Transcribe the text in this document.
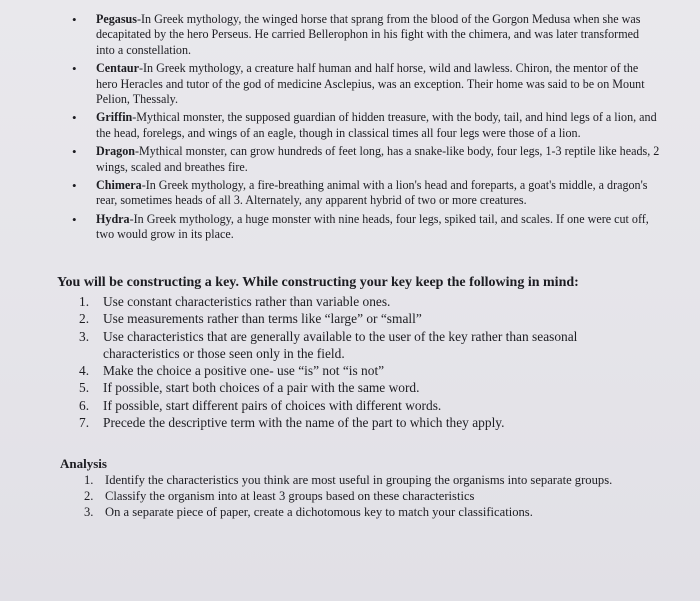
• Pegasus-In Greek mythology, the winged horse that sprang from the blood of the Gorgon Medusa when she was decapitated by the hero Perseus. He carried Bellerophon in his fight with the chimera, and was later transformed into a constellation.
• Centaur-In Greek mythology, a creature half human and half horse, wild and lawless. Chiron, the mentor of the hero Heracles and tutor of the god of medicine Asclepius, was an exception. Their home was said to be on Mount Pelion, Thessaly.
• Griffin-Mythical monster, the supposed guardian of hidden treasure, with the body, tail, and hind legs of a lion, and the head, forelegs, and wings of an eagle, though in classical times all four legs were those of a lion.
• Dragon-Mythical monster, can grow hundreds of feet long, has a snake-like body, four legs, 1-3 reptile like heads, 2 wings, scaled and breathes fire.
• Chimera-In Greek mythology, a fire-breathing animal with a lion's head and foreparts, a goat's middle, a dragon's rear, sometimes heads of all 3. Alternately, any apparent hybrid of two or more creatures.
• Hydra-In Greek mythology, a huge monster with nine heads, four legs, spiked tail, and scales. If one were cut off, two would grow in its place.

You will be constructing a key. While constructing your key keep the following in mind:

1. Use constant characteristics rather than variable ones.
2. Use measurements rather than terms like “large” or “small”
3. Use characteristics that are generally available to the user of the key rather than seasonal characteristics or those seen only in the field.
4. Make the choice a positive one- use “is” not “is not”
5. If possible, start both choices of a pair with the same word.
6. If possible, start different pairs of choices with different words.
7. Precede the descriptive term with the name of the part to which they apply.

Analysis

1. Identify the characteristics you think are most useful in grouping the organisms into separate groups.
2. Classify the organism into at least 3 groups based on these characteristics
3. On a separate piece of paper, create a dichotomous key to match your classifications.
